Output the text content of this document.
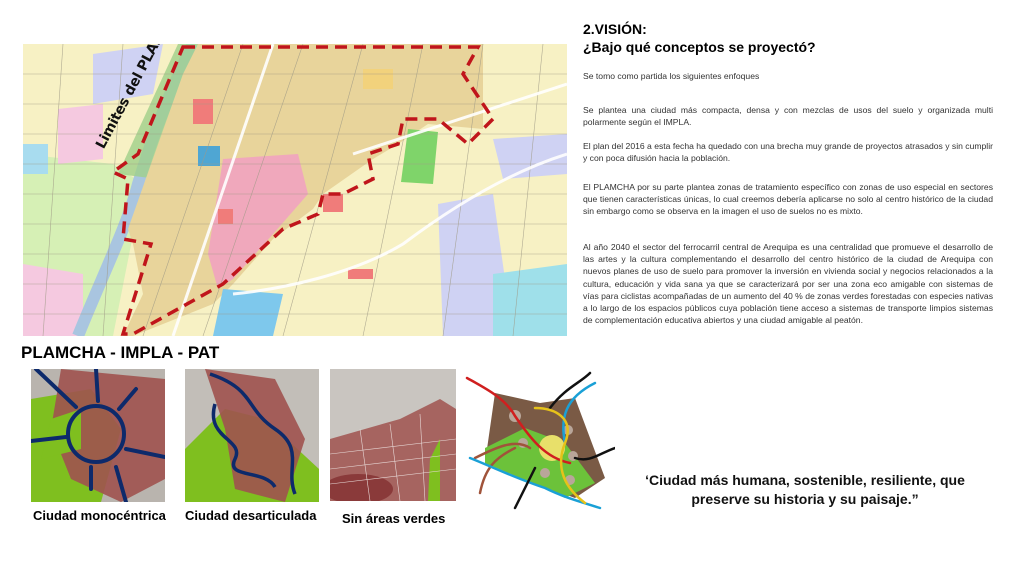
2.VISIÓN:
¿Bajo qué conceptos se proyectó?

Se tomo como partida los siguientes enfoques

Se plantea una ciudad más compacta, densa y con mezclas de usos del suelo y organizada multi polarmente según el IMPLA.

El plan del 2016 a esta fecha ha quedado con una brecha muy grande de proyectos atrasados y sin cumplir y con poca difusión hacia la población.

El PLAMCHA por su parte plantea zonas de tratamiento específico con zonas de uso especial en sectores que tienen características únicas, lo cual creemos debería aplicarse no solo al centro histórico de la ciudad sin embargo como se observa en la imagen el uso de suelos no es mixto.

Al año 2040 el sector del ferrocarril central de Arequipa es una centralidad que promueve el desarrollo de las artes y la cultura complementando el desarrollo del centro histórico de la ciudad de Arequipa con nuevos planes de uso de suelo para promover la inversión en vivienda social y negocios relacionados a la cultura, educación y vida sana ya que se caracterizará por ser una zona eco amigable con sistemas de vías para ciclistas acompañadas de un aumento del 40 % de zonas verdes forestadas con especies nativas a lo largo de los espacios públicos cuya población tiene acceso a sistemas de transporte limpios sistemas de complementación educativa abiertos y una ciudad amigable al peatón.

PLAMCHA - IMPLA - PAT
Ciudad monocéntrica Ciudad desarticulada Sin áreas verdes
‘Ciudad más humana, sostenible, resiliente, que
preserve su historia y su paisaje.”
